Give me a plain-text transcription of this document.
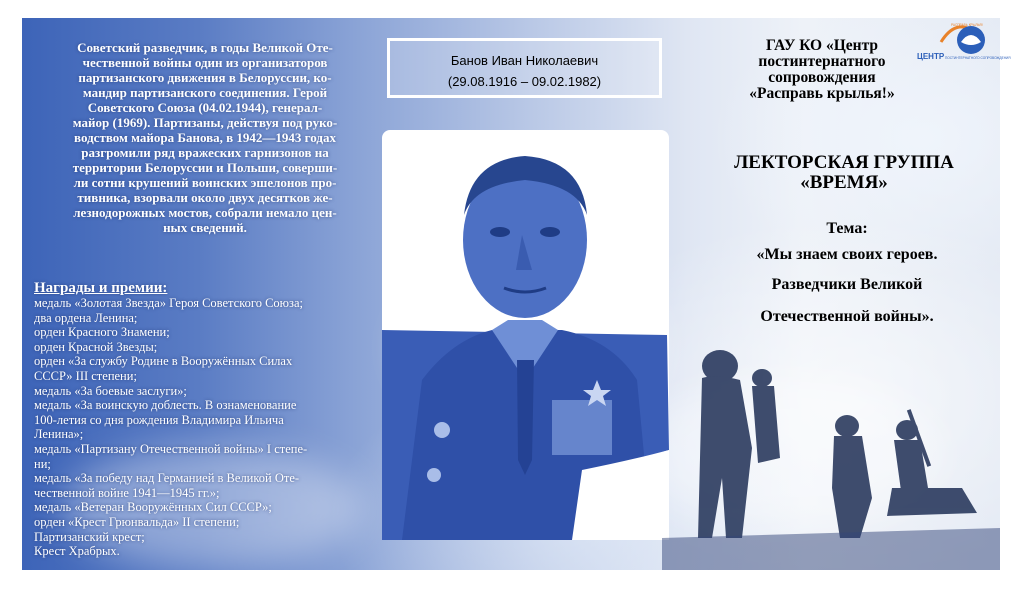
Советский разведчик, в годы Великой Оте-
чественной войны один из организаторов
партизанского движения в Белоруссии, ко-
мандир партизанского соединения. Герой
Советского Союза (04.02.1944), генерал-
майор (1969). Партизаны, действуя под руко-
водством майора Банова, в 1942—1943 годах
разгромили ряд вражеских гарнизонов на
территории Белоруссии и Польши, соверши-
ли сотни крушений воинских эшелонов про-
тивника, взорвали около двух десятков же-
лезнодорожных мостов, собрали немало цен-
ных сведений.
Награды и премии:
медаль «Золотая Звезда» Героя Советского Союза;
два ордена Ленина;
орден Красного Знамени;
орден Красной Звезды;
орден «За службу Родине в Вооружённых Силах
СССР» III степени;
медаль «За боевые заслуги»;
медаль «За воинскую доблесть. В ознаменование
100-летия со дня рождения Владимира Ильича
Ленина»;
медаль «Партизану Отечественной войны» I степе-
ни;
медаль «За победу над Германией в Великой Оте-
чественной войне 1941—1945 гг.»;
медаль «Ветеран Вооружённых Сил СССР»;
орден «Крест Грюнвальда» II степени;
Партизанский крест;
Крест Храбрых.
Банов Иван Николаевич
(29.08.1916 – 09.02.1982)
ГАУ КО «Центр
постинтернатного
сопровождения
«Расправь крылья!»
ЦЕНТР ПОСТИНТЕРНАТНОГО СОПРОВОЖДЕНИЯ
РАСПРАВЬ КРЫЛЬЯ!
ЛЕКТОРСКАЯ ГРУППА
«ВРЕМЯ»

Тема:

«Мы знаем своих героев.

Разведчики Великой

Отечественной войны».
